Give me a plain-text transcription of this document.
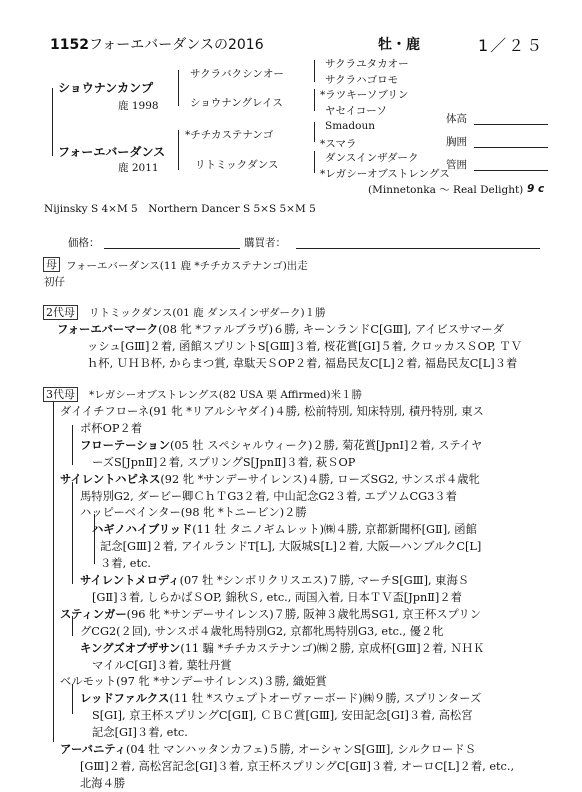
1152フォーエバーダンスの2016	牡・鹿	1／２５
ショウナンカンプ
鹿 1998
フォーエバーダンス
鹿 2011
サクラバクシンオー
ショウナングレイス
*チチカステナンゴ
リトミックダンス
サクラユタカオー
サクラハゴロモ
*ラツキーソブリン
ヤセイコーソ
Smadoun
*スマラ
ダンスインザダーク
*レガシーオブストレングス
(Minnetonka ～ Real Delight) 9 c
体高
胸囲
管囲
Nijinsky S 4×M 5　Northern Dancer S 5×S 5×M 5
価格：	購買者：
母 フォーエバーダンス(11 鹿 *チチカステナンゴ)出走
初仔
2代母 リトミックダンス(01 鹿 ダンスインザダーク)１勝
フォーエバーマーク(08 牝 *ファルブラヴ)６勝, キーンランドC[GⅢ], アイビスサマーダ
ッシュ[GⅢ]２着, 函館スプリントS[GⅢ]３着, 桜花賞[GⅠ]５着, クロッカスＳOP, ＴＶ
ｈ杯, ＵＨＢ杯, からまつ賞, 韋駄天ＳOP２着, 福島民友C[L]２着, 福島民友C[L]３着
3代母 *レガシーオブストレングス(82 USA 栗 Affirmed)米１勝
ダイイチフローネ(91 牝 *リアルシヤダイ)４勝, 松前特別, 知床特別, 積丹特別, 東ス
ポ杯OP２着
フローテーション(05 牡 スペシャルウィーク)２勝, 菊花賞[JpnⅠ]２着, ステイヤ
ーズS[JpnⅡ]２着, スプリングS[JpnⅡ]３着, 萩ＳOP
サイレントハピネス(92 牝 *サンデーサイレンス)４勝, ローズSG2, サンスポ４歳牝
馬特別G2, ダービー卿ＣｈＴG3２着, 中山記念G2３着, エプソムCG3３着
ハッピーベインター(98 牝 *トニービン)２勝
ハギノハイブリッド(11 牡 タニノギムレット)㈱４勝, 京都新聞杯[GⅡ], 函館
記念[GⅢ]２着, アイルランドT[L], 大阪城S[L]２着, 大阪—ハンブルクC[L]
３着, etc.
サイレントメロディ(07 牡 *シンボリクリスエス)７勝, マーチS[GⅢ], 東海Ｓ
[GⅡ]３着, しらかばＳOP, 錦秋Ｓ, etc., 両国入着, 日本ＴＶ盃[JpnⅡ]２着
スティンガー(96 牝 *サンデーサイレンス)７勝, 阪神３歳牝馬SG1, 京王杯スプリン
グCG2(２回), サンスポ４歳牝馬特別G2, 京都牝馬特別G3, etc., 優２牝
キングズオブザサン(11 騸 *チチカステナンゴ)㈱２勝, 京成杯[GⅢ]２着, ＮＨＫ
マイルC[GⅠ]３着, 葉牡丹賞
ベルモット(97 牝 *サンデーサイレンス)３勝, 織姫賞
レッドファルクス(11 牡 *スウェプトオーヴァーボード)㈱９勝, スプリンターズ
S[GⅠ], 京王杯スプリングC[GⅡ], ＣＢＣ賞[GⅢ], 安田記念[GⅠ]３着, 高松宮
記念[GⅠ]３着, etc.
アーバニティ(04 牡 マンハッタンカフェ)５勝, オーシャンS[GⅢ], シルクロードＳ
[GⅢ]２着, 高松宮記念[GⅠ]３着, 京王杯スプリングC[GⅡ]３着, オーロC[L]２着, etc.,
北海４勝
